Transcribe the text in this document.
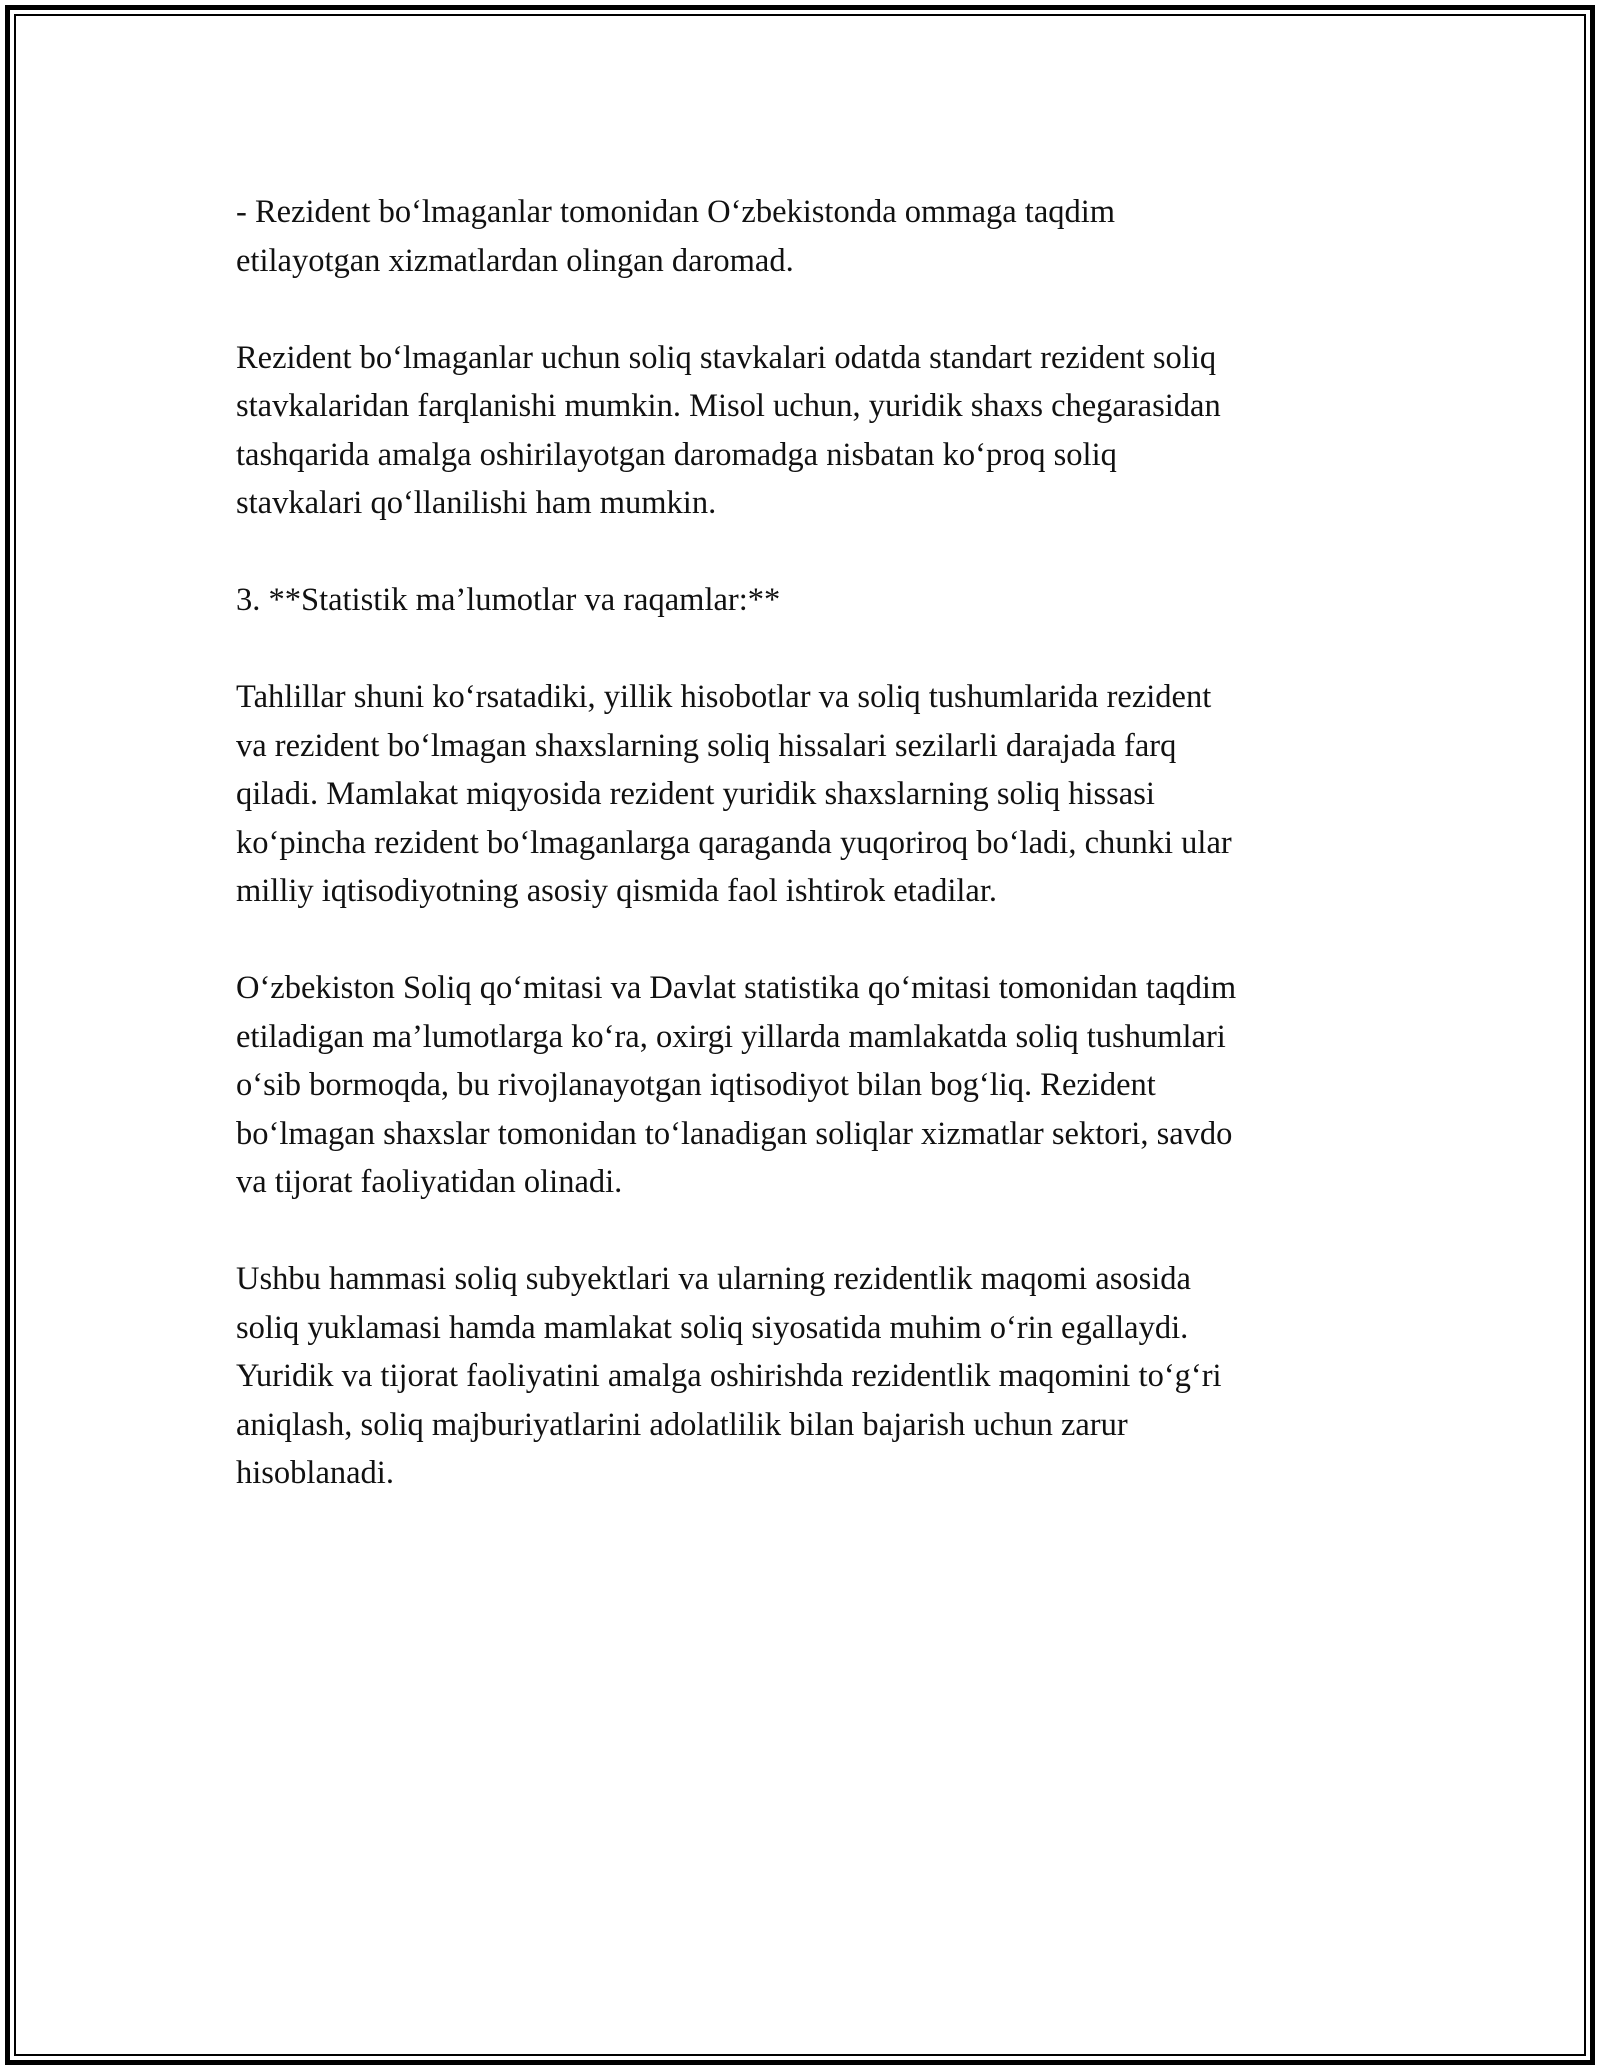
- Rezident bo‘lmaganlar tomonidan O‘zbekistonda ommaga taqdim
etilayotgan xizmatlardan olingan daromad.

Rezident bo‘lmaganlar uchun soliq stavkalari odatda standart rezident soliq
stavkalaridan farqlanishi mumkin. Misol uchun, yuridik shaxs chegarasidan
tashqarida amalga oshirilayotgan daromadga nisbatan ko‘proq soliq
stavkalari qo‘llanilishi ham mumkin.

3. **Statistik ma’lumotlar va raqamlar:**

Tahlillar shuni ko‘rsatadiki, yillik hisobotlar va soliq tushumlarida rezident
va rezident bo‘lmagan shaxslarning soliq hissalari sezilarli darajada farq
qiladi. Mamlakat miqyosida rezident yuridik shaxslarning soliq hissasi
ko‘pincha rezident bo‘lmaganlarga qaraganda yuqoriroq bo‘ladi, chunki ular
milliy iqtisodiyotning asosiy qismida faol ishtirok etadilar.

O‘zbekiston Soliq qo‘mitasi va Davlat statistika qo‘mitasi tomonidan taqdim
etiladigan ma’lumotlarga ko‘ra, oxirgi yillarda mamlakatda soliq tushumlari
o‘sib bormoqda, bu rivojlanayotgan iqtisodiyot bilan bog‘liq. Rezident
bo‘lmagan shaxslar tomonidan to‘lanadigan soliqlar xizmatlar sektori, savdo
va tijorat faoliyatidan olinadi.

Ushbu hammasi soliq subyektlari va ularning rezidentlik maqomi asosida
soliq yuklamasi hamda mamlakat soliq siyosatida muhim o‘rin egallaydi.
Yuridik va tijorat faoliyatini amalga oshirishda rezidentlik maqomini to‘g‘ri
aniqlash, soliq majburiyatlarini adolatlilik bilan bajarish uchun zarur
hisoblanadi.
